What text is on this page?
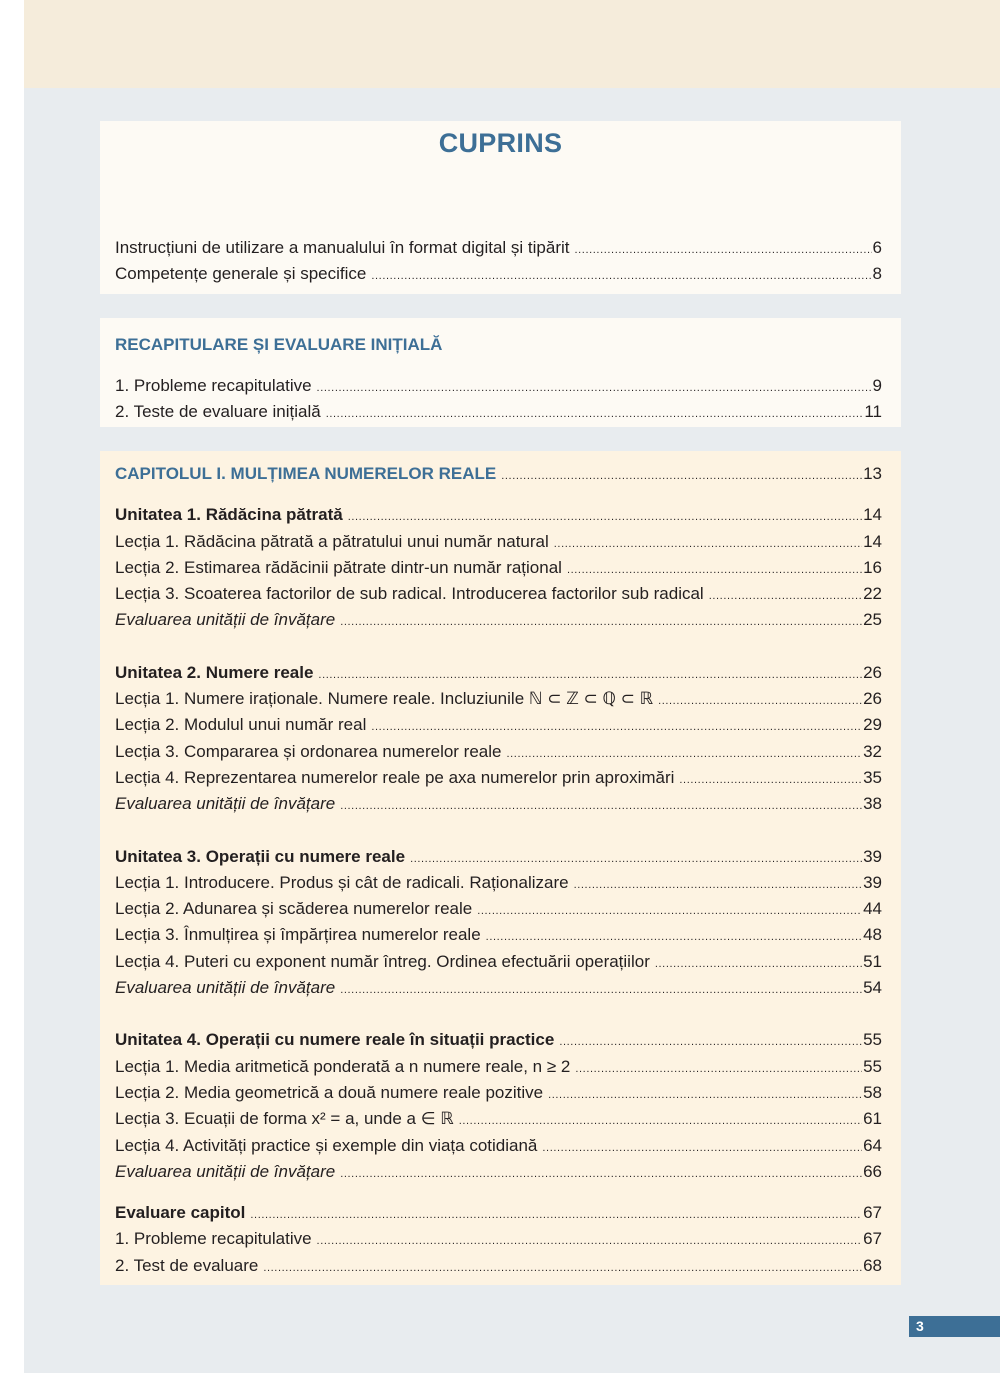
CUPRINS
Instrucțiuni de utilizare a manualului în format digital și tipărit .....	6
Competențe generale și specifice .....	8
RECAPITULARE ȘI EVALUARE INIȚIALĂ
1. Probleme recapitulative .....	9
2. Teste de evaluare inițială .....	11
CAPITOLUL I. MULȚIMEA NUMERELOR REALE .....	13
Unitatea 1. Rădăcina pătrată .....	14
Lecția 1. Rădăcina pătrată a pătratului unui număr natural .....	14
Lecția 2. Estimarea rădăcinii pătrate dintr-un număr rațional .....	16
Lecția 3. Scoaterea factorilor de sub radical. Introducerea factorilor sub radical .....	22
Evaluarea unității de învățare .....	25
Unitatea 2. Numere reale .....	26
Lecția 1. Numere iraționale. Numere reale. Incluziunile ℕ ⊂ ℤ ⊂ ℚ ⊂ ℝ .....	26
Lecția 2. Modulul unui număr real .....	29
Lecția 3. Compararea și ordonarea numerelor reale .....	32
Lecția 4. Reprezentarea numerelor reale pe axa numerelor prin aproximări .....	35
Evaluarea unității de învățare .....	38
Unitatea 3. Operații cu numere reale .....	39
Lecția 1. Introducere. Produs și cât de radicali. Raționalizare .....	39
Lecția 2. Adunarea și scăderea numerelor reale .....	44
Lecția 3. Înmulțirea și împărțirea numerelor reale .....	48
Lecția 4. Puteri cu exponent număr întreg. Ordinea efectuării operațiilor .....	51
Evaluarea unității de învățare .....	54
Unitatea 4. Operații cu numere reale în situații practice .....	55
Lecția 1. Media aritmetică ponderată a n numere reale, n ≥ 2 .....	55
Lecția 2. Media geometrică a două numere reale pozitive .....	58
Lecția 3. Ecuații de forma x² = a, unde a ∈ ℝ .....	61
Lecția 4. Activități practice și exemple din viața cotidiană .....	64
Evaluarea unității de învățare .....	66
Evaluare capitol .....	67
1. Probleme recapitulative .....	67
2. Test de evaluare .....	68
3
